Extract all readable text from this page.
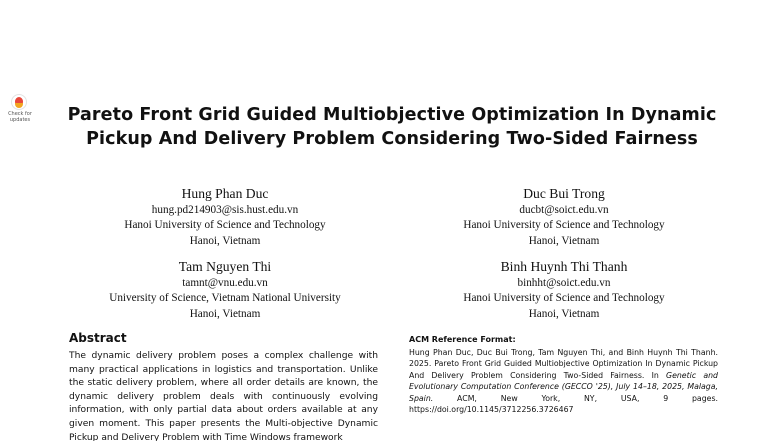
Check for updates	Pareto Front Grid Guided Multiobjective Optimization In Dynamic Pickup And Delivery Problem Considering Two-Sided Fairness
Hung Phan Duc
hung.pd214903@sis.hust.edu.vn
Hanoi University of Science and Technology
Hanoi, Vietnam
Duc Bui Trong
ducbt@soict.edu.vn
Hanoi University of Science and Technology
Hanoi, Vietnam
Tam Nguyen Thi
tamnt@vnu.edu.vn
University of Science, Vietnam National University
Hanoi, Vietnam
Binh Huynh Thi Thanh
binhht@soict.edu.vn
Hanoi University of Science and Technology
Hanoi, Vietnam
Abstract

The dynamic delivery problem poses a complex challenge with many practical applications in logistics and transportation. Unlike the static delivery problem, where all order details are known, the dynamic delivery problem deals with continuously evolving information, with only partial data about orders available at any given moment. This paper presents the Multi-objective Dynamic Pickup and Delivery Problem with Time Windows framework

ACM Reference Format:

Hung Phan Duc, Duc Bui Trong, Tam Nguyen Thi, and Binh Huynh Thi Thanh. 2025. Pareto Front Grid Guided Multiobjective Optimization In Dynamic Pickup And Delivery Problem Considering Two-Sided Fairness. In Genetic and Evolutionary Computation Conference (GECCO '25), July 14–18, 2025, Malaga, Spain. ACM, New York, NY, USA, 9 pages. https://doi.org/10.1145/3712256.3726467
